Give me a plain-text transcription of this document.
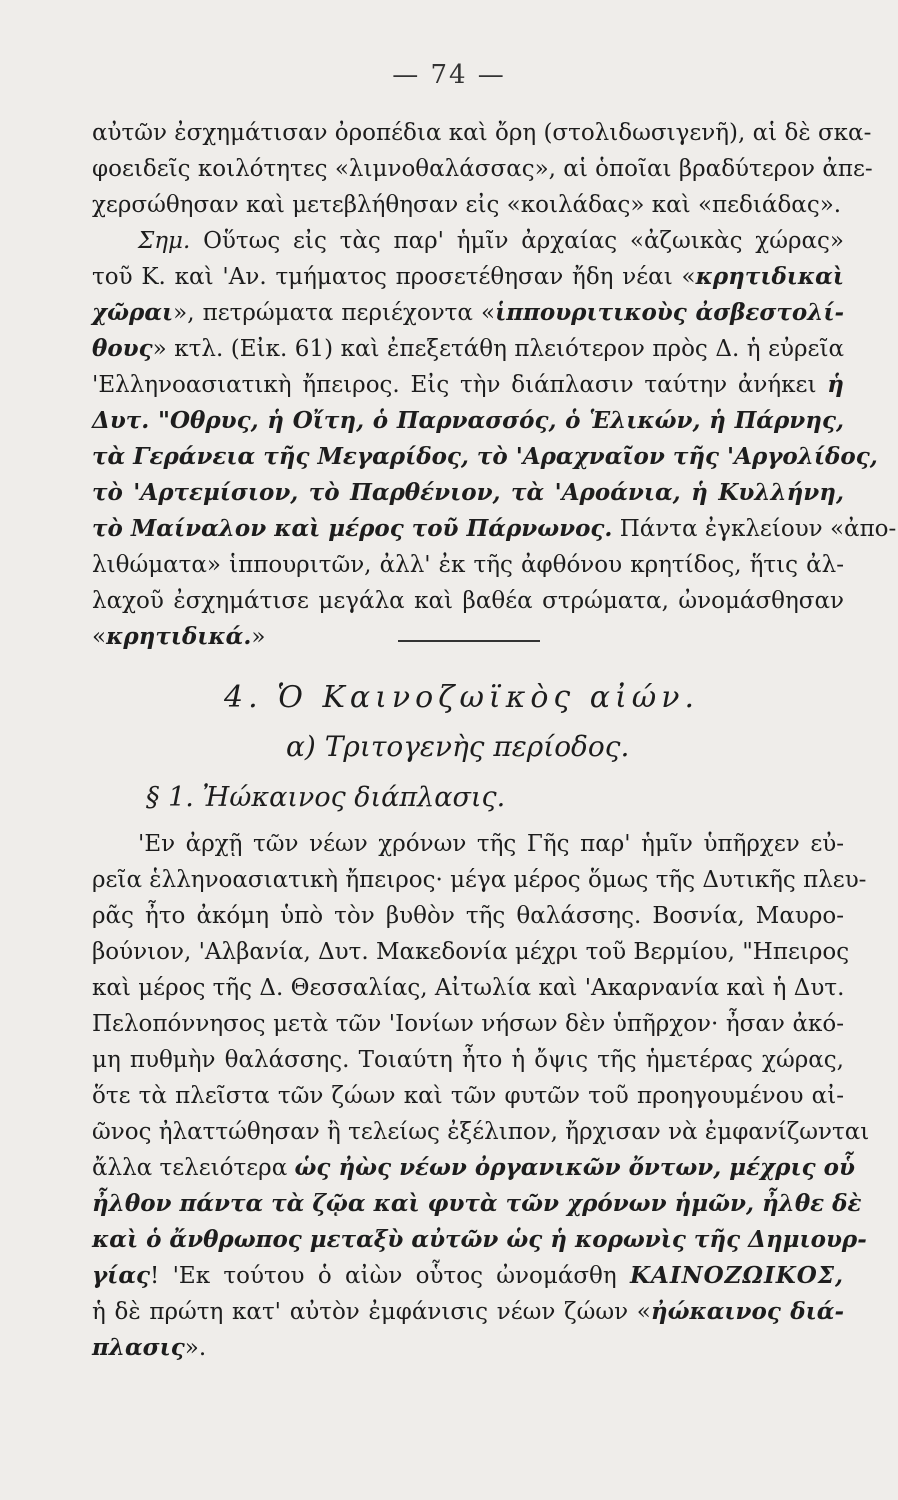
— 74 —
αὐτῶν ἐσχημάτισαν ὀροπέδια καὶ ὄρη (στολιδωσιγενῆ), αἱ δὲ σκα-
φοειδεῖς κοιλότητες «λιμνοθαλάσσας», αἱ ὁποῖαι βραδύτερον ἀπε-
χερσώθησαν καὶ μετεβλήθησαν εἰς «κοιλάδας» καὶ «πεδιάδας».
Σημ. Οὕτως εἰς τὰς παρ' ἡμῖν ἀρχαίας «ἀζωικὰς χώρας»
τοῦ Κ. καὶ 'Αν. τμήματος προσετέθησαν ἤδη νέαι «κρητιδικαὶ
χῶραι», πετρώματα περιέχοντα «ἱππουριτικοὺς ἀσβεστολί-
θους» κτλ. (Εἰκ. 61) καὶ ἐπεξετάθη πλειότερον πρὸς Δ. ἡ εὐρεῖα
'Ελληνοασιατικὴ ἤπειρος. Εἰς τὴν διάπλασιν ταύτην ἀνήκει ἡ
Δυτ. "Οθρυς, ἡ Οἴτη, ὁ Παρνασσός, ὁ Ἑλικών, ἡ Πάρνης,
τὰ Γεράνεια τῆς Μεγαρίδος, τὸ 'Αραχναῖον τῆς 'Αργολίδος,
τὸ 'Αρτεμίσιον, τὸ Παρθένιον, τὰ 'Αροάνια, ἡ Κυλλήνη,
τὸ Μαίναλον καὶ μέρος τοῦ Πάρνωνος. Πάντα ἐγκλείουν «ἀπο-
λιθώματα» ἱππουριτῶν, ἀλλ' ἐκ τῆς ἀφθόνου κρητίδος, ἥτις ἀλ-
λαχοῦ ἐσχημάτισε μεγάλα καὶ βαθέα στρώματα, ὠνομάσθησαν
«κρητιδικά.»
4. Ὁ Καινοζωϊκὸς αἰών.
α) Τριτογενὴς περίοδος.
§ 1. Ἠώκαινος διάπλασις.
'Εν ἀρχῇ τῶν νέων χρόνων τῆς Γῆς παρ' ἡμῖν ὑπῆρχεν εὐ-
ρεῖα ἑλληνοασιατικὴ ἤπειρος· μέγα μέρος ὅμως τῆς Δυτικῆς πλευ-
ρᾶς ἦτο ἀκόμη ὑπὸ τὸν βυθὸν τῆς θαλάσσης. Βοσνία, Μαυρο-
βούνιον, 'Αλβανία, Δυτ. Μακεδονία μέχρι τοῦ Βερμίου, "Ηπειρος
καὶ μέρος τῆς Δ. Θεσσαλίας, Αἰτωλία καὶ 'Ακαρνανία καὶ ἡ Δυτ.
Πελοπόννησος μετὰ τῶν 'Ιονίων νήσων δὲν ὑπῆρχον· ἦσαν ἀκό-
μη πυθμὴν θαλάσσης. Τοιαύτη ἦτο ἡ ὄψις τῆς ἡμετέρας χώρας,
ὅτε τὰ πλεῖστα τῶν ζώων καὶ τῶν φυτῶν τοῦ προηγουμένου αἰ-
ῶνος ἠλαττώθησαν ἢ τελείως ἐξέλιπον, ἤρχισαν νὰ ἐμφανίζωνται
ἄλλα τελειότερα ὡς ἠὼς νέων ὀργανικῶν ὄντων, μέχρις οὗ
ἦλθον πάντα τὰ ζῷα καὶ φυτὰ τῶν χρόνων ἡμῶν, ἦλθε δὲ
καὶ ὁ ἄνθρωπος μεταξὺ αὐτῶν ὡς ἡ κορωνὶς τῆς Δημιουρ-
γίας! 'Εκ τούτου ὁ αἰὼν οὗτος ὠνομάσθη ΚΑΙΝΟΖΩΙΚΟΣ,
ἡ δὲ πρώτη κατ' αὐτὸν ἐμφάνισις νέων ζώων «ἠώκαινος διά-
πλασις».
